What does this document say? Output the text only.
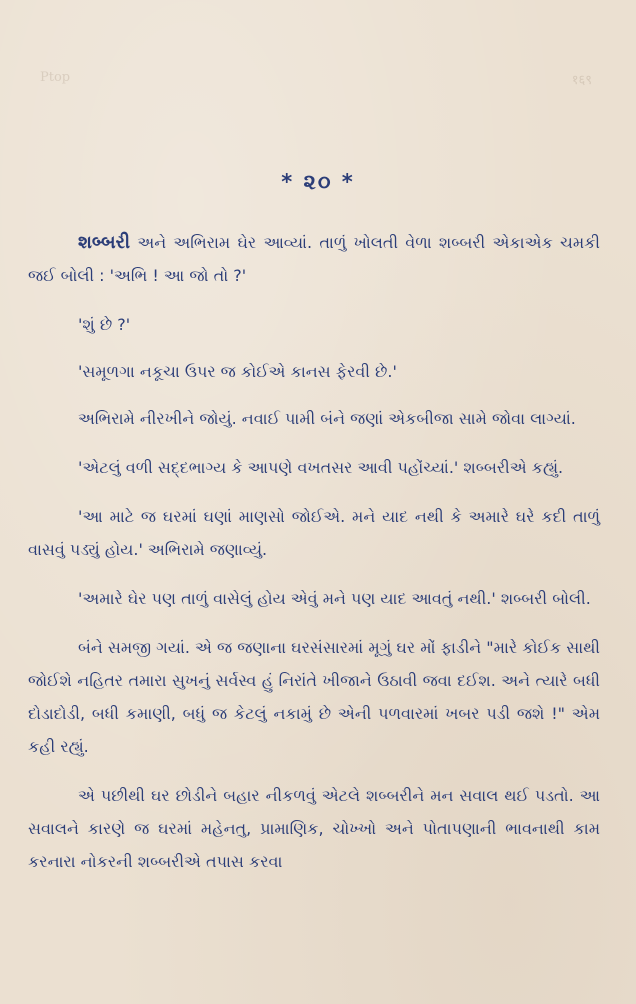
Ptop	१६९
* ૨૦ *

શબ્બરી અને અભિરામ ઘેર આવ્યાં. તાળું ખોલતી વેળા શબ્બરી એકાએક ચમકી જઈ બોલી : 'અભિ ! આ જો તો ?'

'શું છે ?'

'સમૂળગા નકૂચા ઉપર જ કોઈએ કાનસ ફેરવી છે.'

અભિરામે નીરખીને જોયું. નવાઈ પામી બંને જણાં એકબીજા સામે જોવા લાગ્યાં.

'એટલું વળી સદ્દભાગ્ય કે આપણે વખતસર આવી પહોંચ્યાં.' શબ્બરીએ કહ્યું.

'આ માટે જ ઘરમાં ઘણાં માણસો જોઈએ. મને યાદ નથી કે અમારે ઘરે કદી તાળું વાસવું પડ્યું હોય.' અભિરામે જણાવ્યું.

'અમારે ઘેર પણ તાળું વાસેલું હોય એવું મને પણ યાદ આવતું નથી.' શબ્બરી બોલી.

બંને સમજી ગયાં. એ જ જણાના ઘરસંસારમાં મૂગું ઘર મોં ફાડીને "મારે કોઈક સાથી જોઈશે નહિતર તમારા સુખનું સર્વસ્વ હું નિરાંતે ખીજાને ઉઠાવી જવા દઈશ. અને ત્યારે બધી દોડાદોડી, બધી કમાણી, બધું જ કેટલું નકામું છે એની પળવારમાં ખબર પડી જશે !" એમ કહી રહ્યું.

એ પછીથી ઘર છોડીને બહાર નીકળવું એટલે શબ્બરીને મન સવાલ થઈ પડતો. આ સવાલને કારણે જ ઘરમાં મહેનતુ, પ્રામાણિક, ચોખ્ખો અને પોતાપણાની ભાવનાથી કામ કરનારા નોકરની શબ્બરીએ તપાસ કરવા
